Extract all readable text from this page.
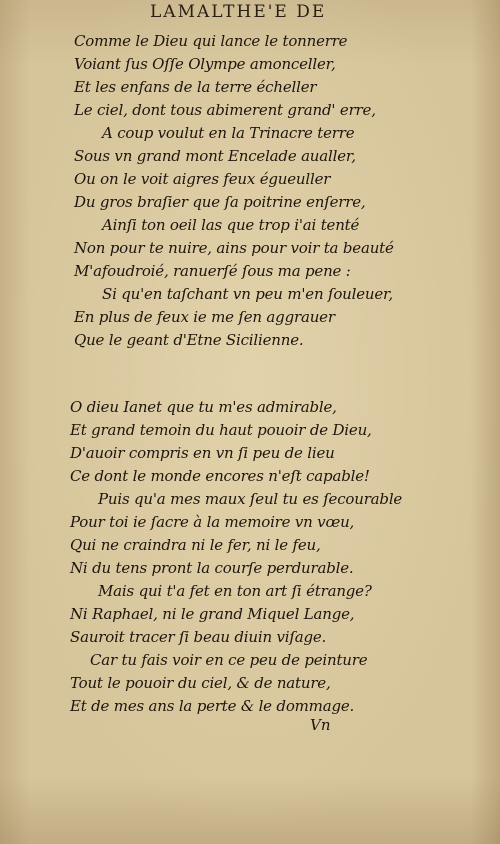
LAMALTHE'E DE
Comme le Dieu qui lance le tonnerre
Voiant ſus Oſſe Olympe amonceller,
Et les enfans de la terre écheller
Le ciel, dont tous abimerent grand' erre,
A coup voulut en la Trinacre terre
Sous vn grand mont Encelade aualler,
Ou on le voit aigres feux égueuller
Du gros braſier que ſa poitrine enſerre,
Ainſi ton oeil las que trop i'ai tenté
Non pour te nuire, ains pour voir ta beauté
M'afoudroié, ranuerſé ſous ma pene :
Si qu'en taſchant vn peu m'en ſouleuer,
En plus de feux ie me ſen aggrauer
Que le geant d'Etne Sicilienne.
O dieu Ianet que tu m'es admirable,
Et grand temoin du haut pouoir de Dieu,
D'auoir compris en vn ſi peu de lieu
Ce dont le monde encores n'eſt capable!
Puis qu'a mes maux ſeul tu es ſecourable
Pour toi ie ſacre à la memoire vn vœu,
Qui ne craindra ni le fer, ni le feu,
Ni du tens pront la courſe perdurable.
Mais qui t'a fet en ton art ſi étrange?
Ni Raphael, ni le grand Miquel Lange,
Sauroit tracer ſi beau diuin viſage.
Car tu fais voir en ce peu de peinture
Tout le pouoir du ciel, & de nature,
Et de mes ans la perte & le dommage.
Vn
